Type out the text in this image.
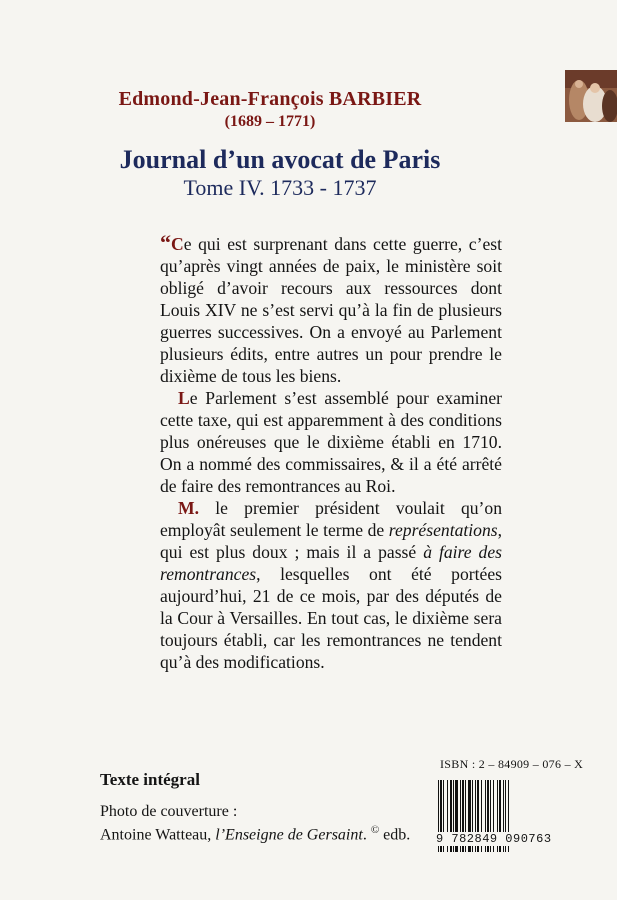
Edmond-Jean-François BARBIER
(1689 – 1771)
Journal d’un avocat de Paris
Tome IV. 1733 - 1737

“Ce qui est surprenant dans cette guerre, c’est qu’après vingt années de paix, le ministère soit obligé d’avoir recours aux ressources dont Louis XIV ne s’est servi qu’à la fin de plusieurs guerres successives. On a envoyé au Parlement plusieurs édits, entre autres un pour prendre le dixième de tous les biens.

Le Parlement s’est assemblé pour examiner cette taxe, qui est apparemment à des conditions plus onéreuses que le dixième établi en 1710. On a nommé des commissaires, & il a été arrêté de faire des remontrances au Roi.

M. le premier président voulait qu’on employât seulement le terme de représentations, qui est plus doux ; mais il a passé à faire des remontrances, lesquelles ont été portées aujourd’hui, 21 de ce mois, par des députés de la Cour à Versailles. En tout cas, le dixième sera toujours établi, car les remontrances ne tendent qu’à des modifications.

Texte intégral
Photo de couverture :
Antoine Watteau, l’Enseigne de Gersaint. © edb.
ISBN : 2 – 84909 – 076 – X
9 782849 090763
